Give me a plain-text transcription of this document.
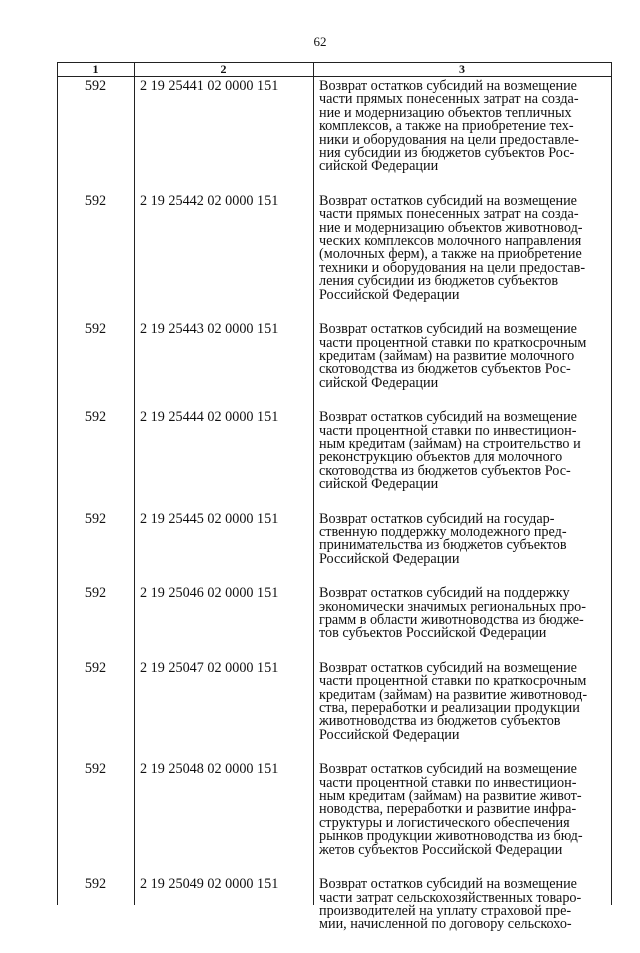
62
1	2	3
592	2 19 25441 02 0000 151	Возврат остатков субсидий на возмещение
части прямых понесенных затрат на созда-
ние и модернизацию объектов тепличных
комплексов, а также на приобретение тех-
ники и оборудования на цели предоставле-
ния субсидии из бюджетов субъектов Рос-
сийской Федерации
592	2 19 25442 02 0000 151	Возврат остатков субсидий на возмещение
части прямых понесенных затрат на созда-
ние и модернизацию объектов животновод-
ческих комплексов молочного направления
(молочных ферм), а также на приобретение
техники и оборудования на цели предостав-
ления субсидии из бюджетов субъектов
Российской Федерации
592	2 19 25443 02 0000 151	Возврат остатков субсидий на возмещение
части процентной ставки по краткосрочным
кредитам (займам) на развитие молочного
скотоводства из бюджетов субъектов Рос-
сийской Федерации
592	2 19 25444 02 0000 151	Возврат остатков субсидий на возмещение
части процентной ставки по инвестицион-
ным кредитам (займам) на строительство и
реконструкцию объектов для молочного
скотоводства из бюджетов субъектов Рос-
сийской Федерации
592	2 19 25445 02 0000 151	Возврат остатков субсидий на государ-
ственную поддержку молодежного пред-
принимательства из бюджетов субъектов
Российской Федерации
592	2 19 25046 02 0000 151	Возврат остатков субсидий на поддержку
экономически значимых региональных про-
грамм в области животноводства из бюдже-
тов субъектов Российской Федерации
592	2 19 25047 02 0000 151	Возврат остатков субсидий на возмещение
части процентной ставки по краткосрочным
кредитам (займам) на развитие животновод-
ства, переработки и реализации продукции
животноводства из бюджетов субъектов
Российской Федерации
592	2 19 25048 02 0000 151	Возврат остатков субсидий на возмещение
части процентной ставки по инвестицион-
ным кредитам (займам) на развитие живот-
новодства, переработки и развитие инфра-
структуры и логистического обеспечения
рынков продукции животноводства из бюд-
жетов субъектов Российской Федерации
592	2 19 25049 02 0000 151	Возврат остатков субсидий на возмещение
части затрат сельскохозяйственных товаро-
производителей на уплату страховой пре-
мии, начисленной по договору сельскохо-
